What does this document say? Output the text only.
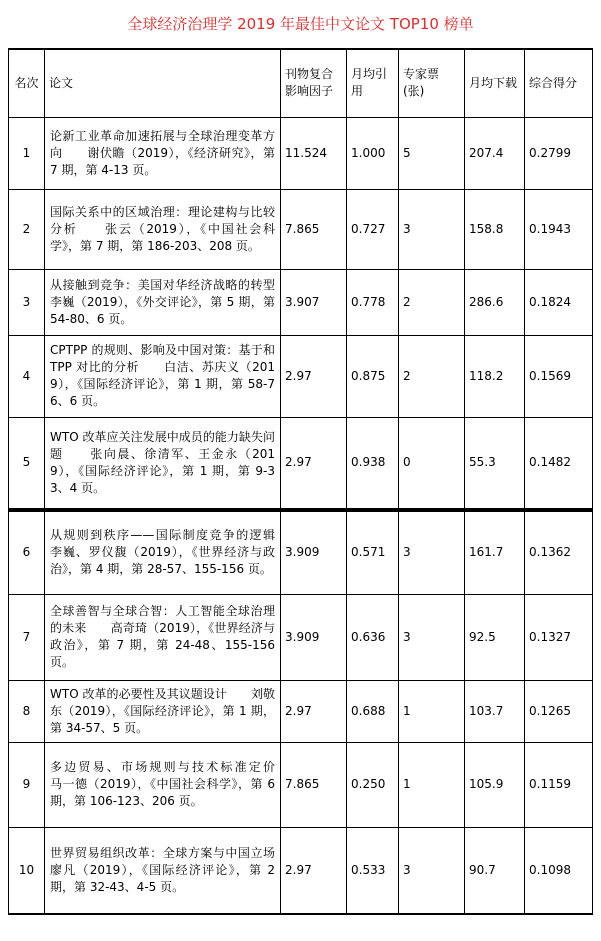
全球经济治理学 2019 年最佳中文论文 TOP10 榜单
名次	论文	刊物复合影响因子	月均引用	专家票(张)	月均下载	综合得分
1	论新工业革命加速拓展与全球治理变革方向　　谢伏瞻（2019），《经济研究》，第 7 期，第 4-13 页。	11.524	1.000	5	207.4	0.2799
2	国际关系中的区域治理：理论建构与比较分析　　张云（2019），《中国社会科学》，第 7 期，第 186-203、208 页。	7.865	0.727	3	158.8	0.1943
3	从接触到竞争：美国对华经济战略的转型　　李巍（2019），《外交评论》，第 5 期，第 54-80、6 页。	3.907	0.778	2	286.6	0.1824
4	CPTPP 的规则、影响及中国对策：基于和 TPP 对比的分析　　白洁、苏庆义（2019），《国际经济评论》，第 1 期，第 58-76、6 页。	2.97	0.875	2	118.2	0.1569
5	WTO 改革应关注发展中成员的能力缺失问题　　张向晨、徐清军、王金永（2019），《国际经济评论》，第 1 期，第 9-33、4 页。	2.97	0.938	0	55.3	0.1482
6	从规则到秩序——国际制度竞争的逻辑　　李巍、罗仪馥（2019），《世界经济与政治》，第 4 期，第 28-57、155-156 页。	3.909	0.571	3	161.7	0.1362
7	全球善智与全球合智：人工智能全球治理的未来　　高奇琦（2019），《世界经济与政治》，第 7 期，第 24-48、155-156 页。	3.909	0.636	3	92.5	0.1327
8	WTO 改革的必要性及其议题设计　　刘敬东（2019），《国际经济评论》，第 1 期，第 34-57、5 页。	2.97	0.688	1	103.7	0.1265
9	多边贸易、市场规则与技术标准定价　　马一德（2019），《中国社会科学》，第 6 期，第 106-123、206 页。	7.865	0.250	1	105.9	0.1159
10	世界贸易组织改革：全球方案与中国立场　　廖凡（2019），《国际经济评论》，第 2 期，第 32-43、4-5 页。	2.97	0.533	3	90.7	0.1098
